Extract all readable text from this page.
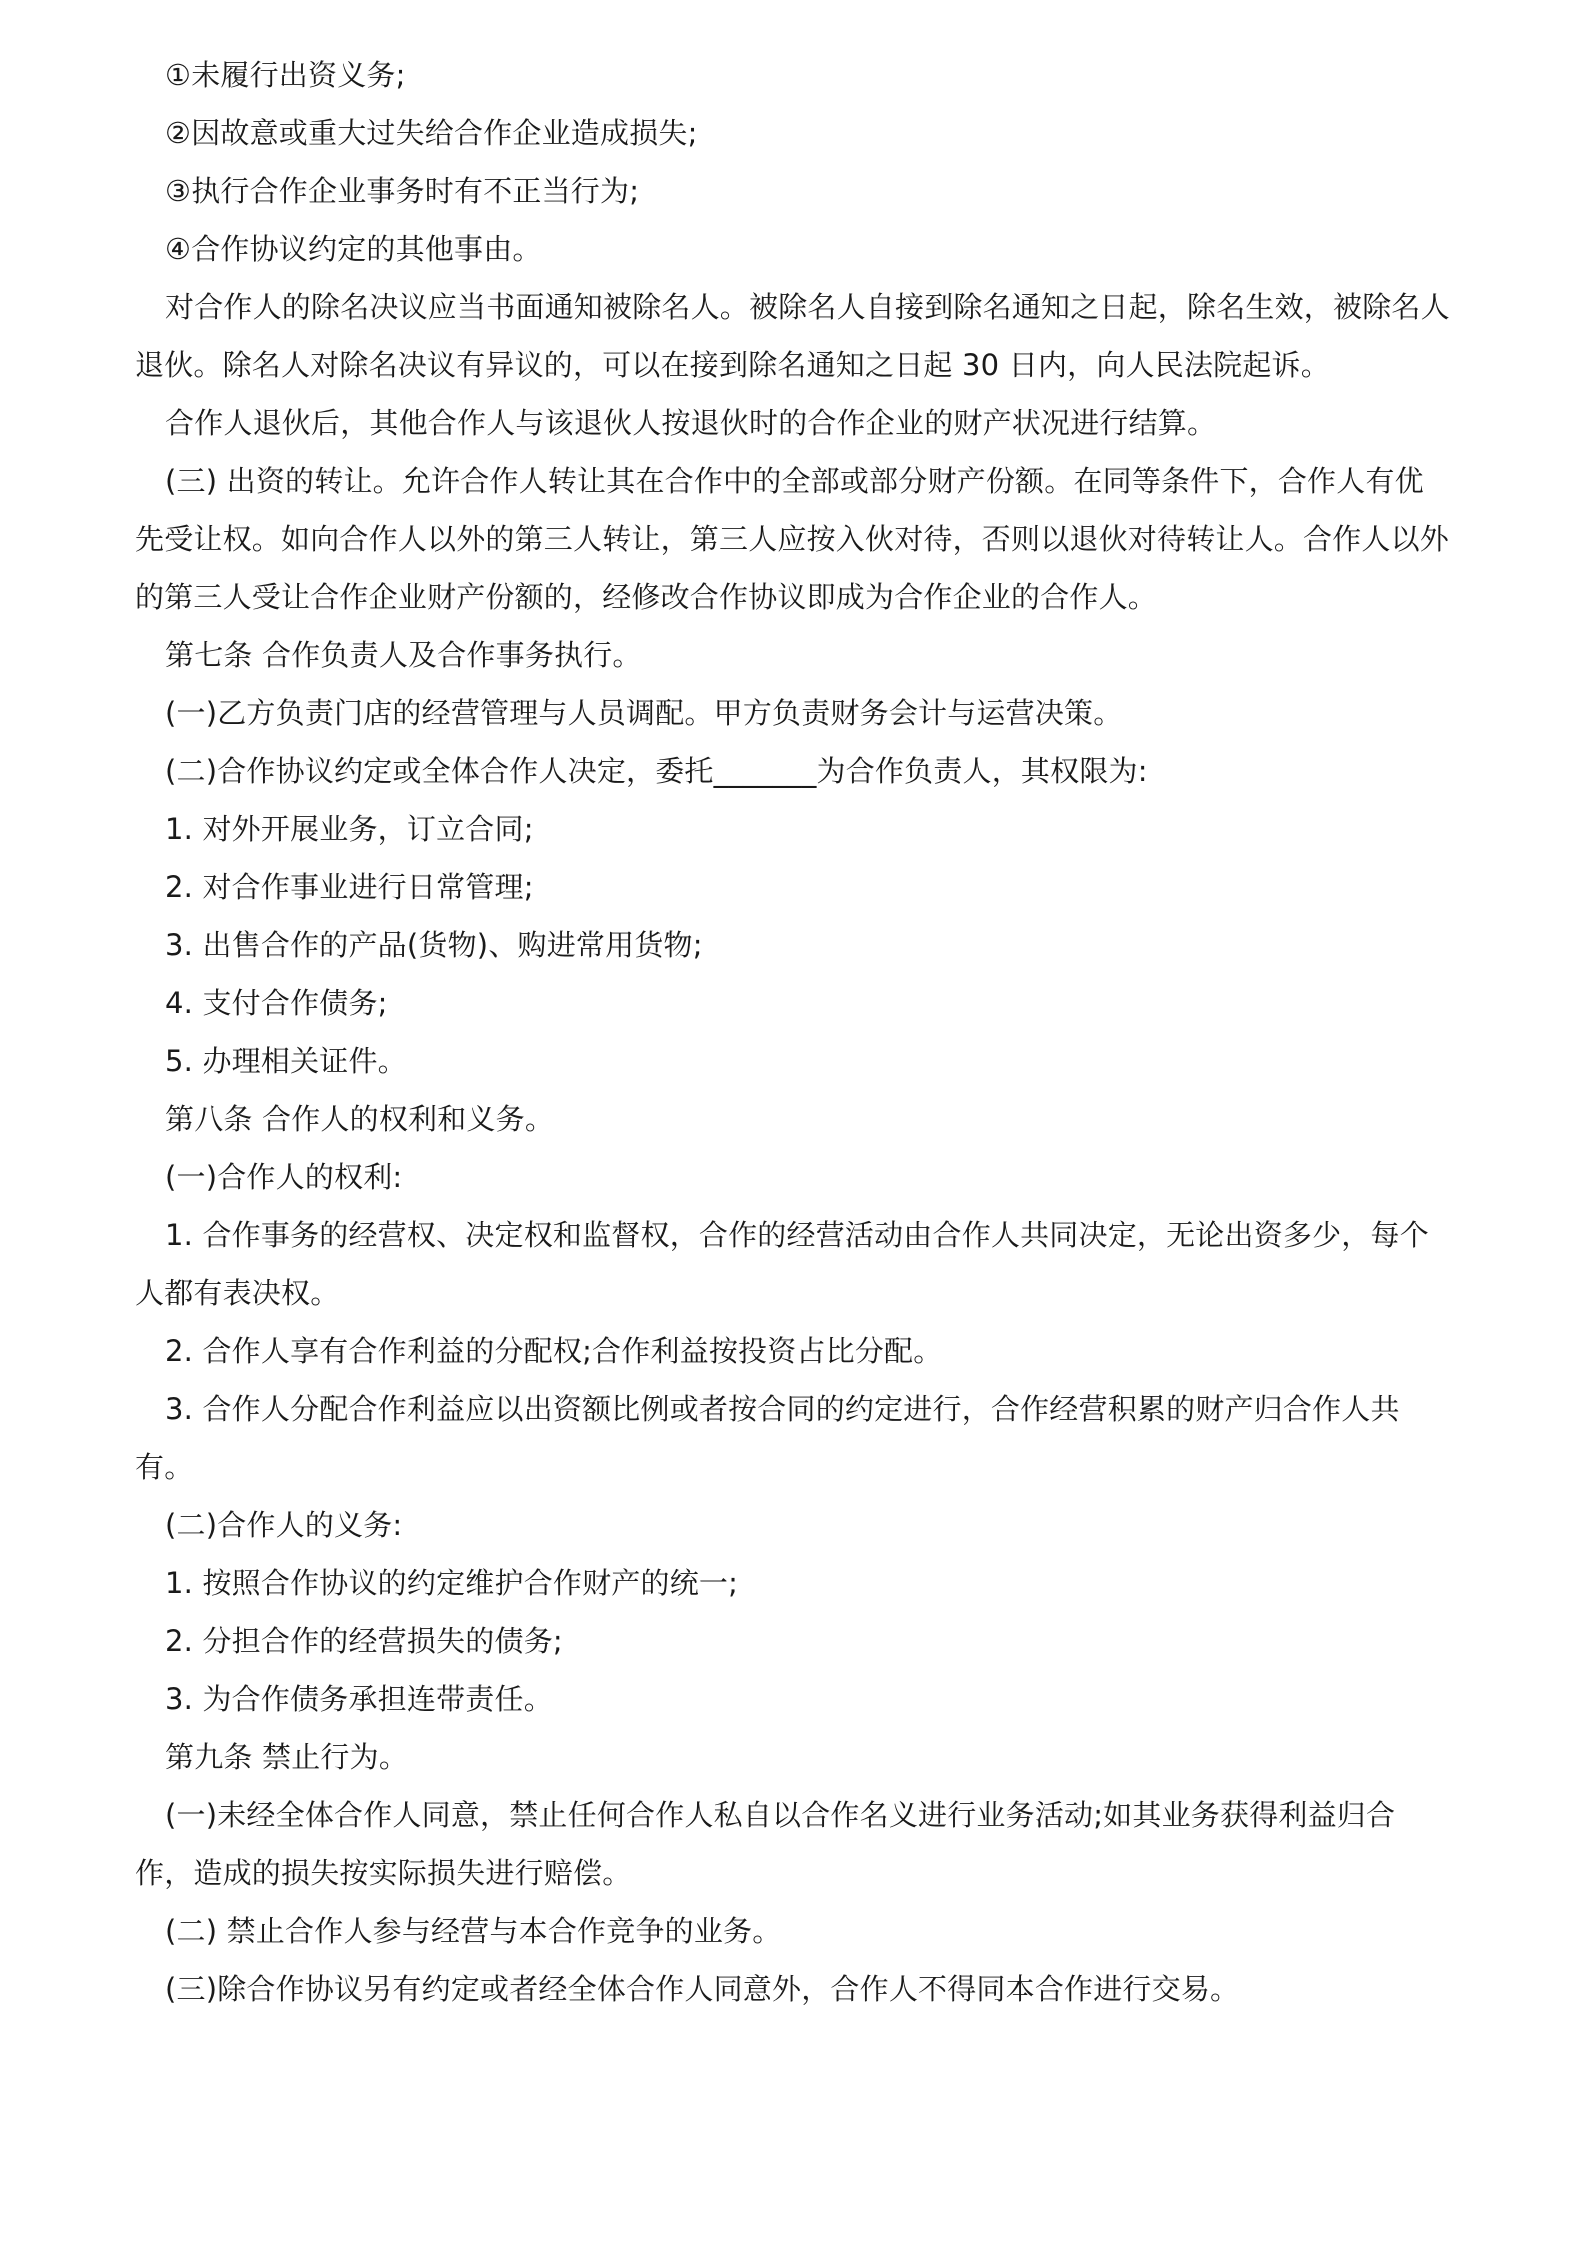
①未履行出资义务;

②因故意或重大过失给合作企业造成损失;

③执行合作企业事务时有不正当行为;

④合作协议约定的其他事由。

对合作人的除名决议应当书面通知被除名人。被除名人自接到除名通知之日起，除名生效，被除名人退伙。除名人对除名决议有异议的，可以在接到除名通知之日起 30 日内，向人民法院起诉。

合作人退伙后，其他合作人与该退伙人按退伙时的合作企业的财产状况进行结算。

(三) 出资的转让。允许合作人转让其在合作中的全部或部分财产份额。在同等条件下，合作人有优先受让权。如向合作人以外的第三人转让，第三人应按入伙对待，否则以退伙对待转让人。合作人以外的第三人受让合作企业财产份额的，经修改合作协议即成为合作企业的合作人。

第七条 合作负责人及合作事务执行。

(一)乙方负责门店的经营管理与人员调配。甲方负责财务会计与运营决策。

(二)合作协议约定或全体合作人决定，委托_______为合作负责人，其权限为:

1. 对外开展业务，订立合同;

2. 对合作事业进行日常管理;

3. 出售合作的产品(货物)、购进常用货物;

4. 支付合作债务;

5. 办理相关证件。

第八条 合作人的权利和义务。

(一)合作人的权利:

1. 合作事务的经营权、决定权和监督权，合作的经营活动由合作人共同决定，无论出资多少，每个人都有表决权。

2. 合作人享有合作利益的分配权;合作利益按投资占比分配。

3. 合作人分配合作利益应以出资额比例或者按合同的约定进行，合作经营积累的财产归合作人共有。

(二)合作人的义务:

1. 按照合作协议的约定维护合作财产的统一;

2. 分担合作的经营损失的债务;

3. 为合作债务承担连带责任。

第九条 禁止行为。

(一)未经全体合作人同意，禁止任何合作人私自以合作名义进行业务活动;如其业务获得利益归合作，造成的损失按实际损失进行赔偿。

(二) 禁止合作人参与经营与本合作竞争的业务。

(三)除合作协议另有约定或者经全体合作人同意外，合作人不得同本合作进行交易。
